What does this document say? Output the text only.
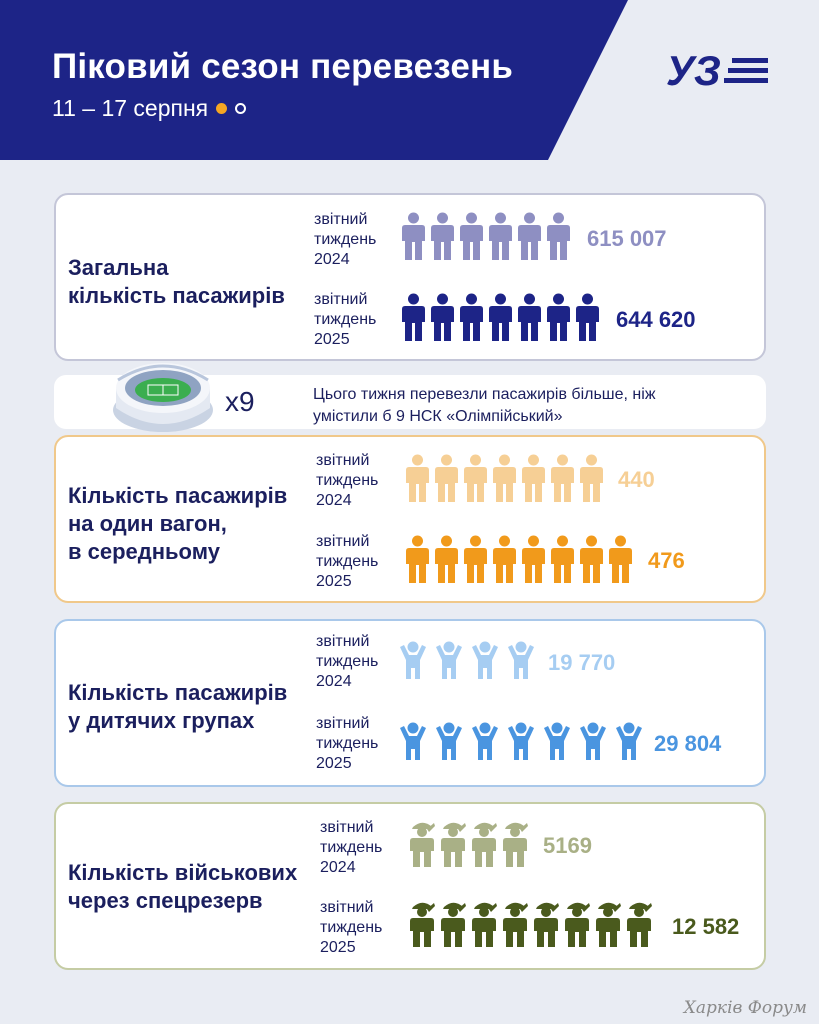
Піковий сезон перевезень
11 – 17 серпня
УЗ
Загальна
кількість пасажирів
звітний
тиждень
2024
615 007
звітний
тиждень
2025
644 620
х9	Цього тижня перевезли пасажирів більше, ніж умістили б 9 НСК «Олімпійський»
Кількість пасажирів
на один вагон,
в середньому
звітний
тиждень
2024
440
звітний
тиждень
2025
476
Кількість пасажирів
у дитячих групах
звітний
тиждень
2024
19 770
звітний
тиждень
2025
29 804
Кількість військових
через спецрезерв
звітний
тиждень
2024
5169
звітний
тиждень
2025
12 582
Харків Форум
